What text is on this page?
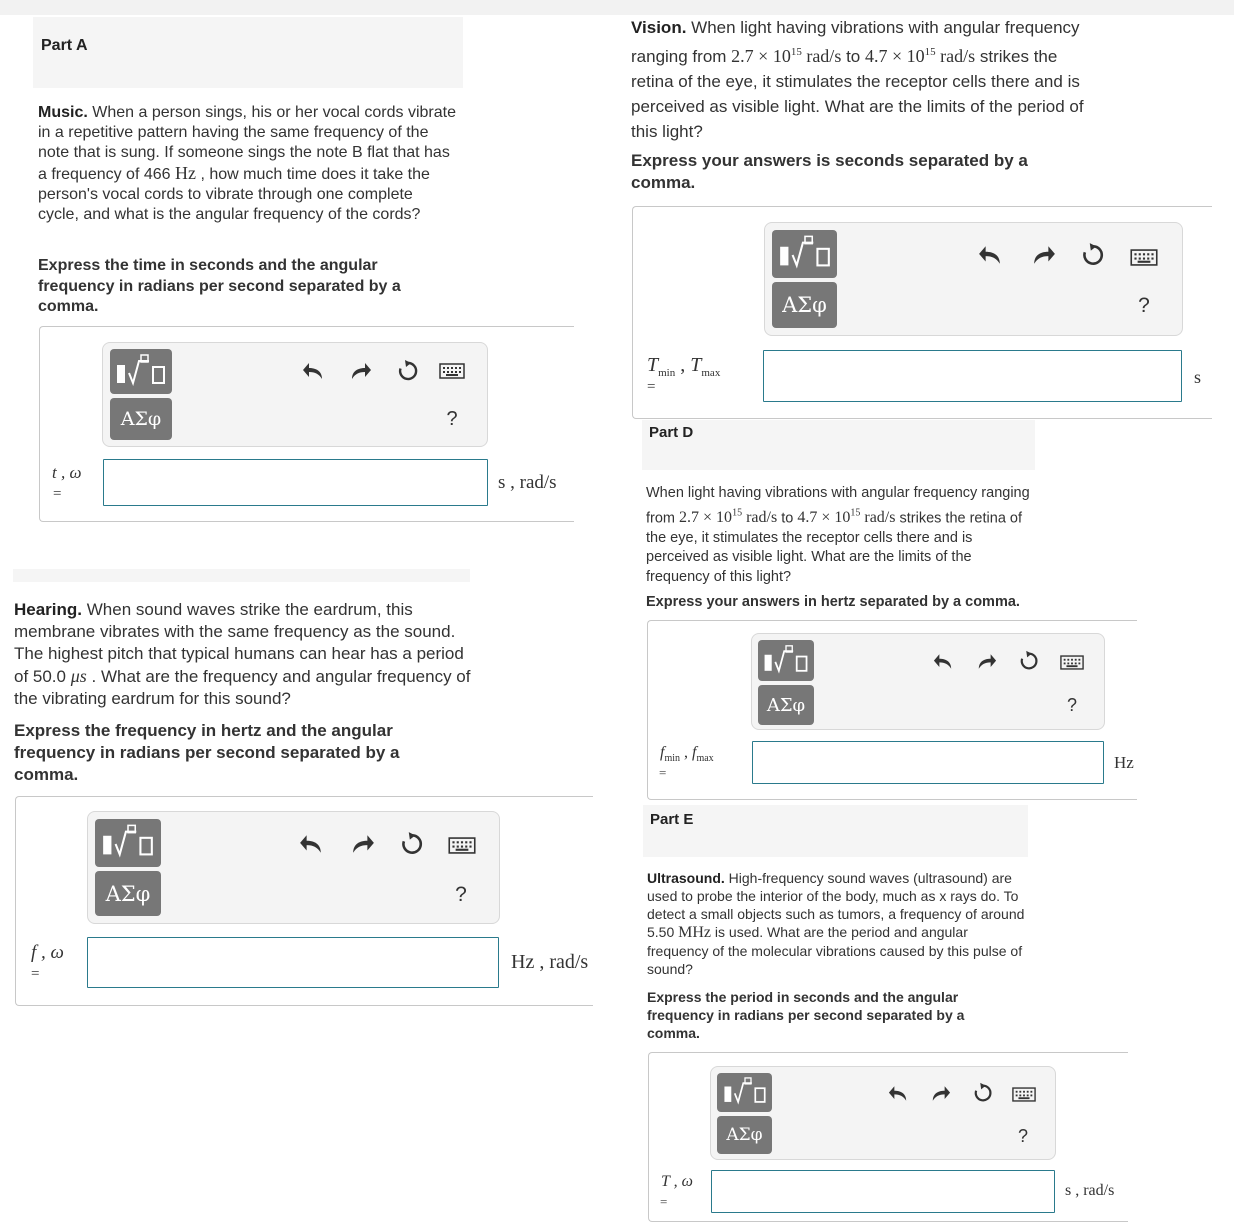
Part A
Music. When a person sings, his or her vocal cords vibrate in a repetitive pattern having the same frequency of the note that is sung. If someone sings the note B flat that has a frequency of 466 Hz , how much time does it take the person's vocal cords to vibrate through one complete cycle, and what is the angular frequency of the cords?
Express the time in seconds and the angular frequency in radians per second separated by a comma.
ΑΣφ	?
t , ω
=
s , rad/s
Hearing. When sound waves strike the eardrum, this membrane vibrates with the same frequency as the sound. The highest pitch that typical humans can hear has a period of 50.0 μs . What are the frequency and angular frequency of the vibrating eardrum for this sound?
Express the frequency in hertz and the angular frequency in radians per second separated by a comma.
ΑΣφ	?
f , ω
=
Hz , rad/s
Vision. When light having vibrations with angular frequency ranging from $2.7 \times 10^{15}$ rad/s to $4.7 \times 10^{15}$ rad/s strikes the retina of the eye, it stimulates the receptor cells there and is perceived as visible light. What are the limits of the period of this light?
Express your answers is seconds separated by a comma.
ΑΣφ	?
$T_{min}$ , $T_{max}$
=	s
Part D
When light having vibrations with angular frequency ranging from $2.7 \times 10^{15}$ rad/s to $4.7 \times 10^{15}$ rad/s strikes the retina of the eye, it stimulates the receptor cells there and is perceived as visible light. What are the limits of the frequency of this light?
Express your answers in hertz separated by a comma.
ΑΣφ	?
$f_{min}$ , $f_{max}$
=
Hz
Part E
Ultrasound. High-frequency sound waves (ultrasound) are used to probe the interior of the body, much as x rays do. To detect a small objects such as tumors, a frequency of around 5.50 MHz is used. What are the period and angular frequency of the molecular vibrations caused by this pulse of sound?
Express the period in seconds and the angular frequency in radians per second separated by a comma.
ΑΣφ	?
T , ω
=
s , rad/s
